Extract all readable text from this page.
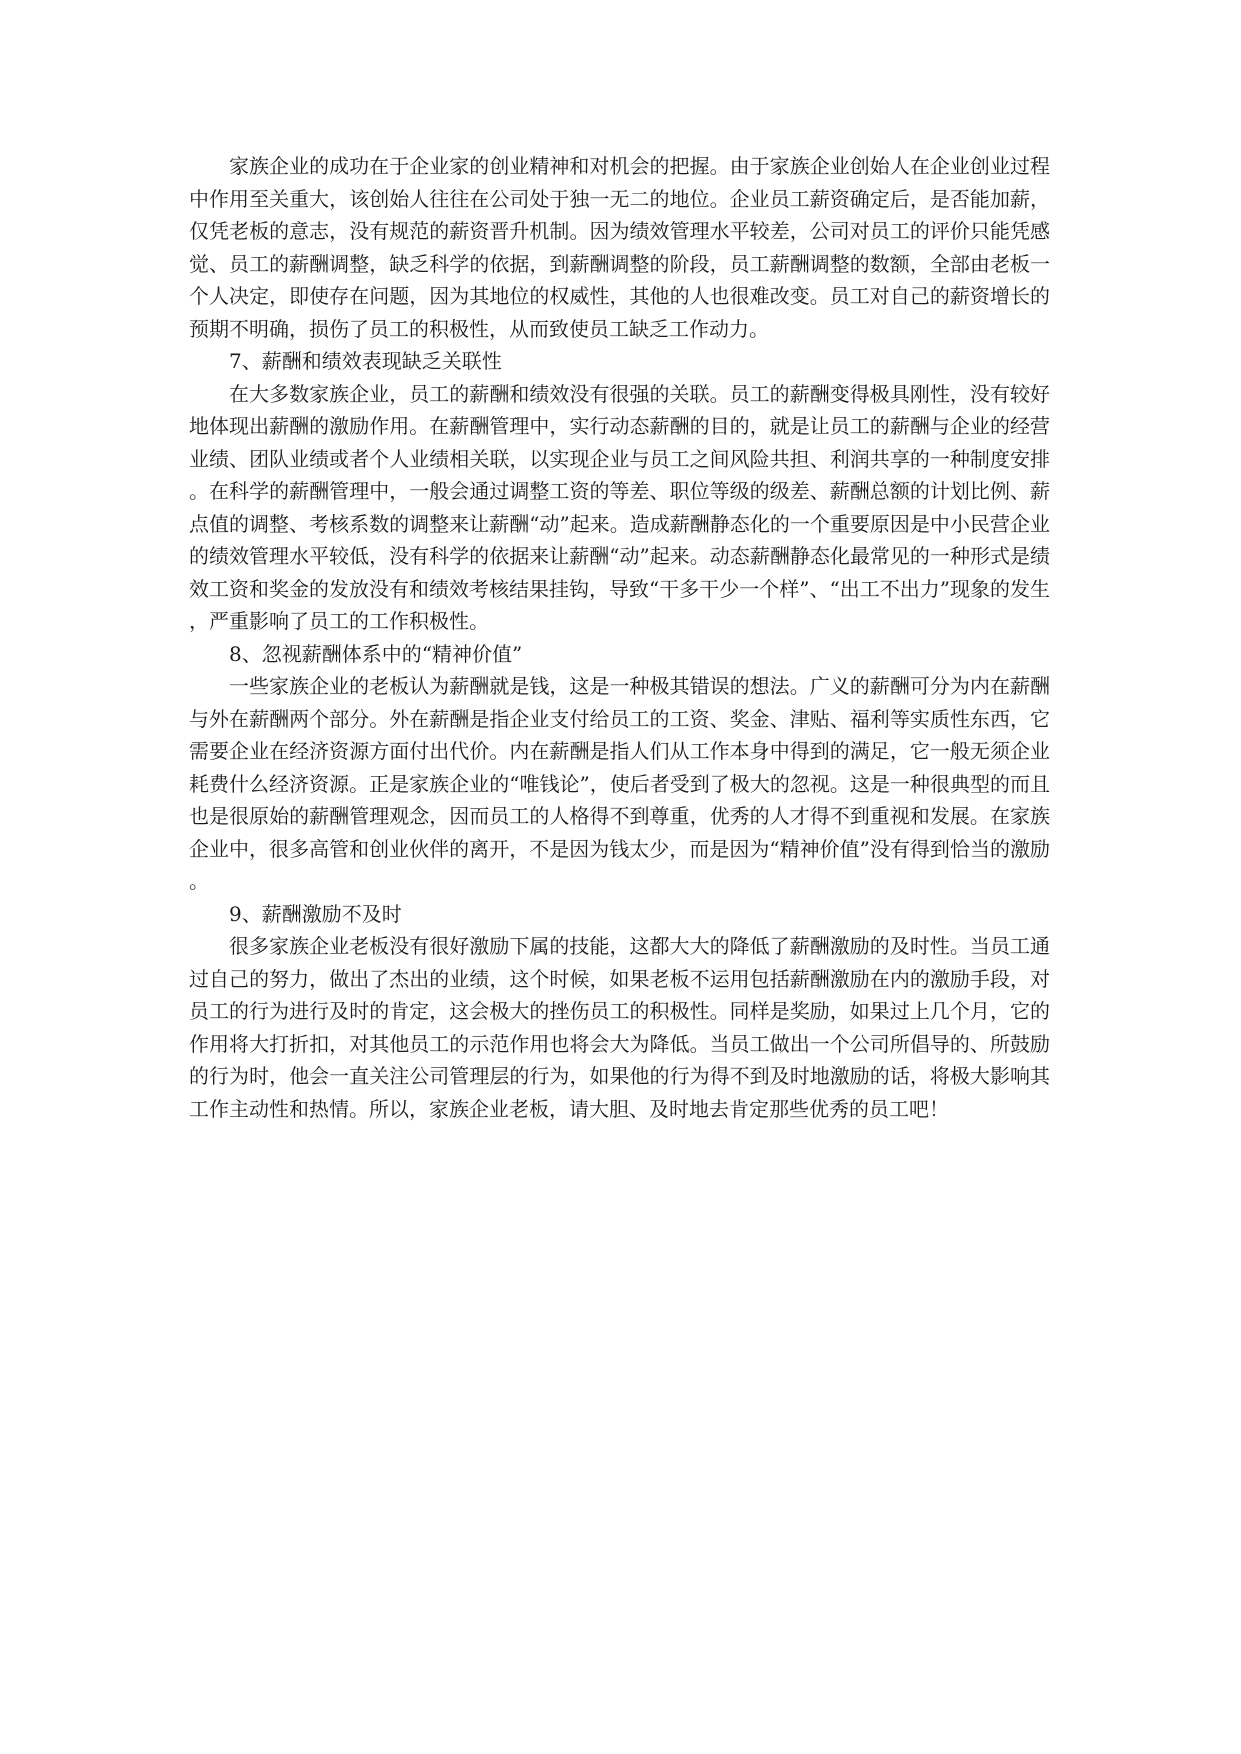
家族企业的成功在于企业家的创业精神和对机会的把握。由于家族企业创始人在企业创业过程中作用至关重大，该创始人往往在公司处于独一无二的地位。企业员工薪资确定后，是否能加薪，仅凭老板的意志，没有规范的薪资晋升机制。因为绩效管理水平较差，公司对员工的评价只能凭感觉、员工的薪酬调整，缺乏科学的依据，到薪酬调整的阶段，员工薪酬调整的数额，全部由老板一个人决定，即使存在问题，因为其地位的权威性，其他的人也很难改变。员工对自己的薪资增长的预期不明确，损伤了员工的积极性，从而致使员工缺乏工作动力。

7、薪酬和绩效表现缺乏关联性

在大多数家族企业，员工的薪酬和绩效没有很强的关联。员工的薪酬变得极具刚性，没有较好地体现出薪酬的激励作用。在薪酬管理中，实行动态薪酬的目的，就是让员工的薪酬与企业的经营业绩、团队业绩或者个人业绩相关联，以实现企业与员工之间风险共担、利润共享的一种制度安排。在科学的薪酬管理中，一般会通过调整工资的等差、职位等级的级差、薪酬总额的计划比例、薪点值的调整、考核系数的调整来让薪酬“动”起来。造成薪酬静态化的一个重要原因是中小民营企业的绩效管理水平较低，没有科学的依据来让薪酬“动”起来。动态薪酬静态化最常见的一种形式是绩效工资和奖金的发放没有和绩效考核结果挂钩，导致“干多干少一个样”、“出工不出力”现象的发生，严重影响了员工的工作积极性。

8、忽视薪酬体系中的“精神价值”

一些家族企业的老板认为薪酬就是钱，这是一种极其错误的想法。广义的薪酬可分为内在薪酬与外在薪酬两个部分。外在薪酬是指企业支付给员工的工资、奖金、津贴、福利等实质性东西，它需要企业在经济资源方面付出代价。内在薪酬是指人们从工作本身中得到的满足，它一般无须企业耗费什么经济资源。正是家族企业的“唯钱论”，使后者受到了极大的忽视。这是一种很典型的而且也是很原始的薪酬管理观念，因而员工的人格得不到尊重，优秀的人才得不到重视和发展。在家族企业中，很多高管和创业伙伴的离开，不是因为钱太少，而是因为“精神价值”没有得到恰当的激励。

9、薪酬激励不及时

很多家族企业老板没有很好激励下属的技能，这都大大的降低了薪酬激励的及时性。当员工通过自己的努力，做出了杰出的业绩，这个时候，如果老板不运用包括薪酬激励在内的激励手段，对员工的行为进行及时的肯定，这会极大的挫伤员工的积极性。同样是奖励，如果过上几个月，它的作用将大打折扣，对其他员工的示范作用也将会大为降低。当员工做出一个公司所倡导的、所鼓励的行为时，他会一直关注公司管理层的行为，如果他的行为得不到及时地激励的话，将极大影响其工作主动性和热情。所以，家族企业老板，请大胆、及时地去肯定那些优秀的员工吧！
